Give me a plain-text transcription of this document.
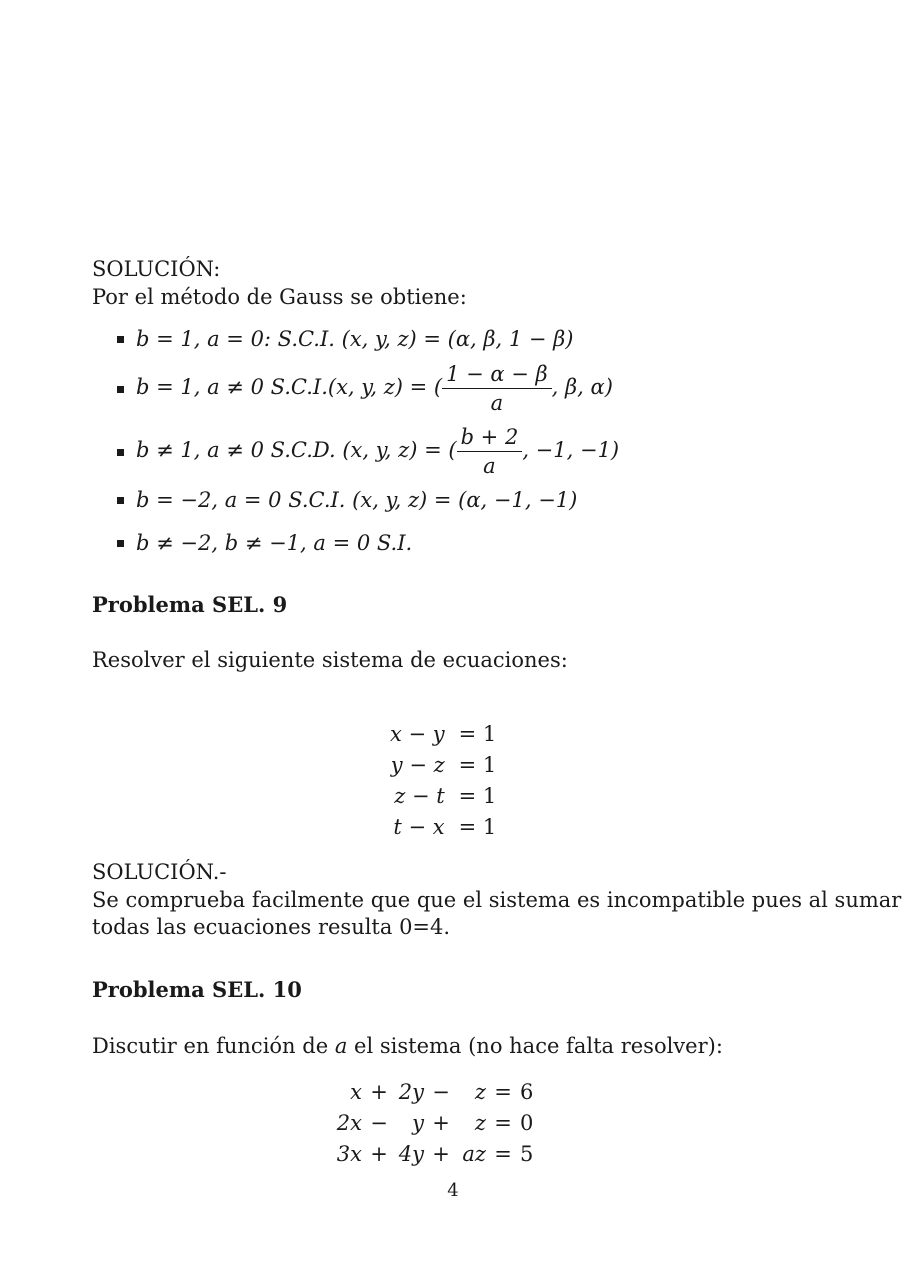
SOLUCIÓN:
Por el método de Gauss se obtiene:
b = 1, a = 0: S.C.I. (x, y, z) = (α, β, 1 − β)
b = 1, a ≠ 0 S.C.I.(x, y, z) = ( $\frac{1 - \alpha - \beta}{a}$ , β, α)
b ≠ 1, a ≠ 0 S.C.D. (x, y, z) = ( $\frac{b + 2}{a}$ , −1, −1)
b = −2, a = 0 S.C.I. (x, y, z) = (α, −1, −1)
b ≠ −2, b ≠ −1, a = 0 S.I.
Problema SEL. 9
Resolver el siguiente sistema de ecuaciones:
x − y	= 1
y − z	= 1
z − t	= 1
t − x	= 1
SOLUCIÓN.-
Se comprueba facilmente que que el sistema es incompatible pues al sumar
todas las ecuaciones resulta 0=4.
Problema SEL. 10
Discutir en función de a el sistema (no hace falta resolver):
x	+	2y	−	z	=	6
2x	−	y	+	z	=	0
3x	+	4y	+	az	=	5
4
